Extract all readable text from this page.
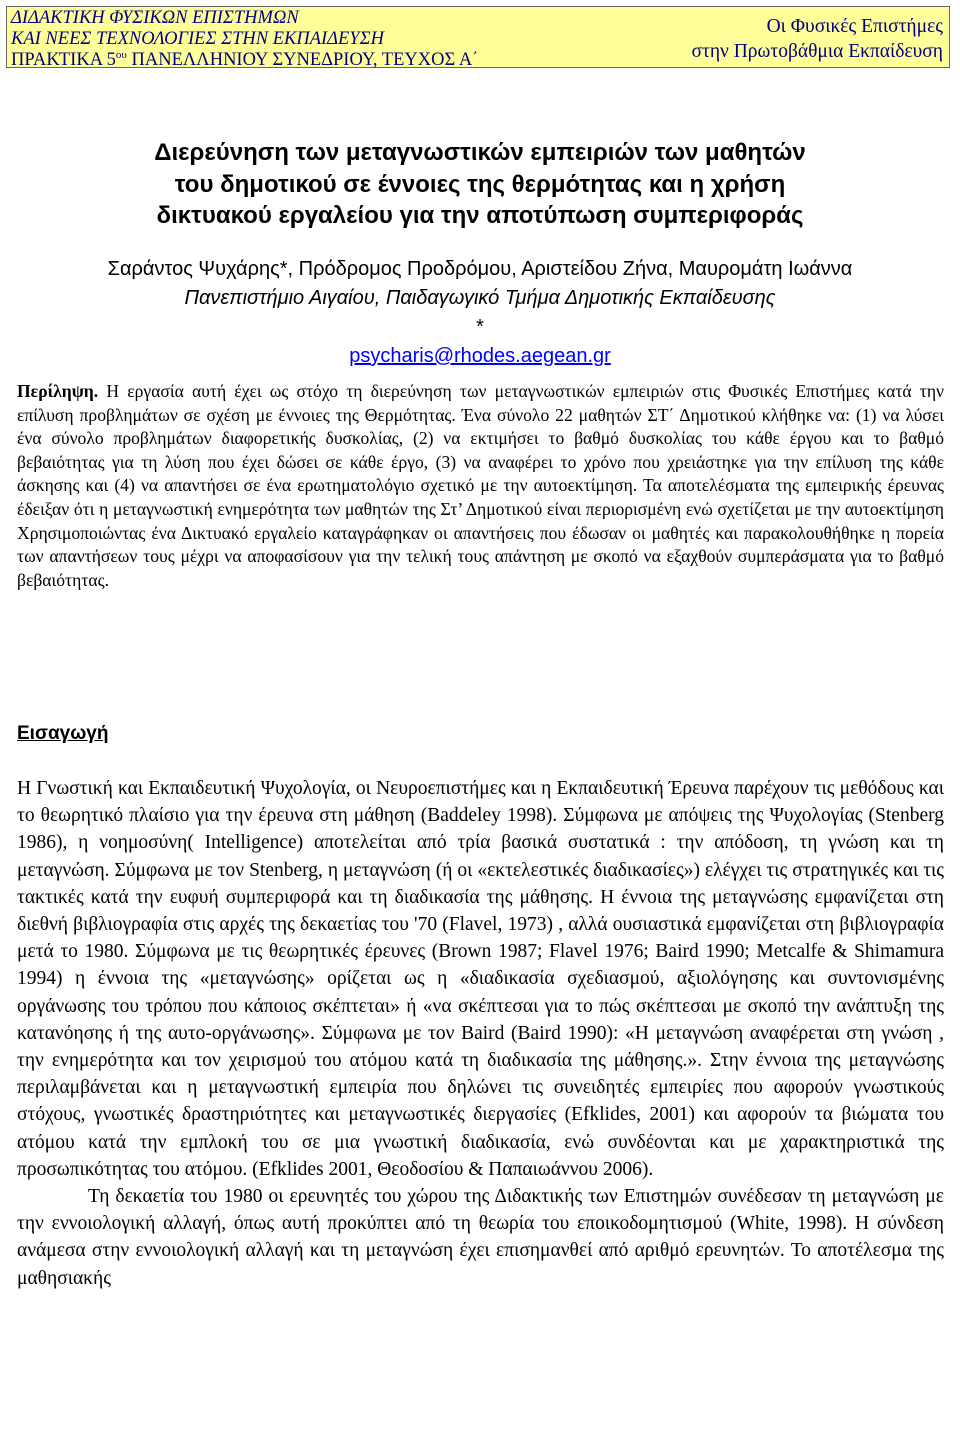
ΔΙΔΑΚΤΙΚΗ ΦΥΣΙΚΩΝ ΕΠΙΣΤΗΜΩΝ
ΚΑΙ ΝΕΕΣ ΤΕΧΝΟΛΟΓΙΕΣ ΣΤΗΝ ΕΚΠΑΙΔΕΥΣΗ
ΠΡΑΚΤΙΚΑ $5^{o\upsilon}$ ΠΑΝΕΛΛΗΝΙΟΥ ΣΥΝΕΔΡΙΟΥ, ΤΕΥΧΟΣ Α΄
Οι Φυσικές Επιστήμες
στην Πρωτοβάθμια Εκπαίδευση
Διερεύνηση των μεταγνωστικών εμπειριών των μαθητών
του δημοτικού σε έννοιες της θερμότητας και η χρήση
δικτυακού εργαλείου για την αποτύπωση συμπεριφοράς
Σαράντος Ψυχάρης*, Πρόδρομος Προδρόμου, Αριστείδου Ζήνα, Μαυρομάτη Ιωάννα
Πανεπιστήμιο Αιγαίου, Παιδαγωγικό Τμήμα Δημοτικής Εκπαίδευσης
*
psycharis@rhodes.aegean.gr
Περίληψη. Η εργασία αυτή έχει ως στόχο τη διερεύνηση των μεταγνωστικών εμπειριών στις Φυσικές Επιστήμες κατά την επίλυση προβλημάτων σε σχέση με έννοιες της Θερμότητας. Ένα σύνολο 22 μαθητών ΣΤ΄ Δημοτικού κλήθηκε να: (1) να λύσει ένα σύνολο προβλημάτων διαφορετικής δυσκολίας, (2) να εκτιμήσει το βαθμό δυσκολίας του κάθε έργου και το βαθμό βεβαιότητας για τη λύση που έχει δώσει σε κάθε έργο, (3) να αναφέρει το χρόνο που χρειάστηκε για την επίλυση της κάθε άσκησης και (4) να απαντήσει σε ένα ερωτηματολόγιο σχετικό με την αυτοεκτίμηση. Τα αποτελέσματα της εμπειρικής έρευνας έδειξαν ότι η μεταγνωστική ενημερότητα των μαθητών της Στ’ Δημοτικού είναι περιορισμένη ενώ σχετίζεται με την αυτοεκτίμηση Χρησιμοποιώντας ένα Δικτυακό εργαλείο καταγράφηκαν οι απαντήσεις που έδωσαν οι μαθητές και παρακολουθήθηκε η πορεία των απαντήσεων τους μέχρι να αποφασίσουν για την τελική τους απάντηση με σκοπό να εξαχθούν συμπεράσματα για το βαθμό βεβαιότητας.
Εισαγωγή

Η Γνωστική και Εκπαιδευτική Ψυχολογία, οι Νευροεπιστήμες και η Εκπαιδευτική Έρευνα παρέχουν τις μεθόδους και το θεωρητικό πλαίσιο για την έρευνα στη μάθηση (Baddeley 1998). Σύμφωνα με απόψεις της Ψυχολογίας (Stenberg 1986), η νοημοσύνη( Intelligence) αποτελείται από τρία βασικά συστατικά : την απόδοση, τη γνώση και τη μεταγνώση. Σύμφωνα με τον Stenberg, η μεταγνώση (ή οι «εκτελεστικές διαδικασίες») ελέγχει τις στρατηγικές και τις τακτικές κατά την ευφυή συμπεριφορά και τη διαδικασία της μάθησης. Η έννοια της μεταγνώσης εμφανίζεται στη διεθνή βιβλιογραφία στις αρχές της δεκαετίας του '70 (Flavel, 1973) , αλλά ουσιαστικά εμφανίζεται στη βιβλιογραφία μετά το 1980. Σύμφωνα με τις θεωρητικές έρευνες (Brown 1987; Flavel 1976; Baird 1990; Metcalfe & Shimamura 1994) η έννοια της «μεταγνώσης» ορίζεται ως η «διαδικασία σχεδιασμού, αξιολόγησης και συντονισμένης οργάνωσης του τρόπου που κάποιος σκέπτεται» ή «να σκέπτεσαι για το πώς σκέπτεσαι με σκοπό την ανάπτυξη της κατανόησης ή της αυτο-οργάνωσης». Σύμφωνα με τον Baird (Baird 1990): «Η μεταγνώση αναφέρεται στη γνώση , την ενημερότητα και τον χειρισμού του ατόμου κατά τη διαδικασία της μάθησης.». Στην έννοια της μεταγνώσης περιλαμβάνεται και η μεταγνωστική εμπειρία που δηλώνει τις συνειδητές εμπειρίες που αφορούν γνωστικούς στόχους, γνωστικές δραστηριότητες και μεταγνωστικές διεργασίες (Efklides, 2001) και αφορούν τα βιώματα του ατόμου κατά την εμπλοκή του σε μια γνωστική διαδικασία, ενώ συνδέονται και με χαρακτηριστικά της προσωπικότητας του ατόμου. (Efklides 2001, Θεοδοσίου & Παπαιωάννου 2006).

Τη δεκαετία του 1980 οι ερευνητές του χώρου της Διδακτικής των Επιστημών συνέδεσαν τη μεταγνώση με την εννοιολογική αλλαγή, όπως αυτή προκύπτει από τη θεωρία του εποικοδομητισμού (White, 1998). Η σύνδεση ανάμεσα στην εννοιολογική αλλαγή και τη μεταγνώση έχει επισημανθεί από αριθμό ερευνητών. Το αποτέλεσμα της μαθησιακής
